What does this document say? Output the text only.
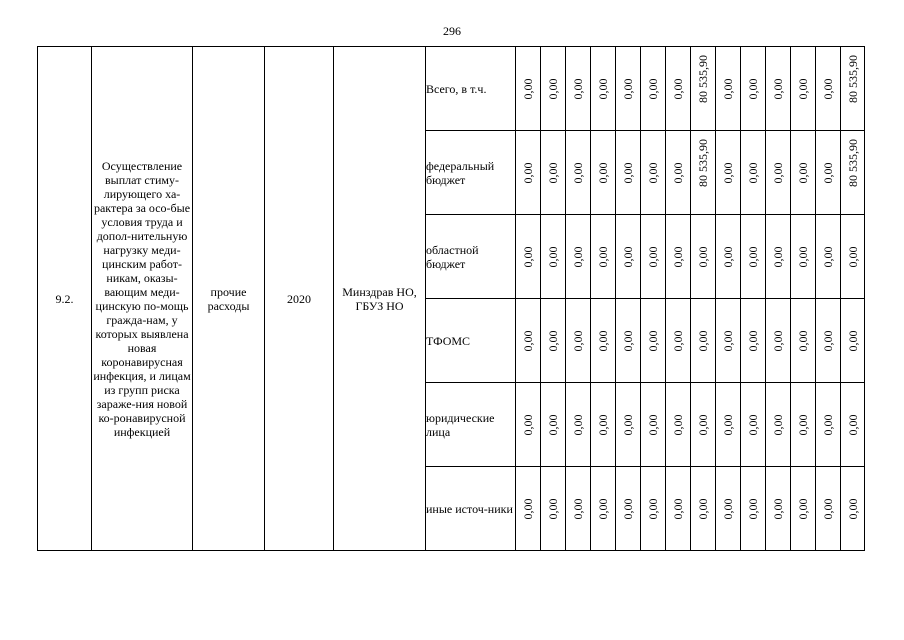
296
9.2.	Осуществление выплат стиму-лирующего ха-рактера за осо-бые условия труда и допол-нительную нагрузку меди-цинским работ-никам, оказы-вающим меди-цинскую по-мощь гражда-нам, у которых выявлена новая коронавирусная инфекция, и лицам из групп риска зараже-ния новой ко-ронавирусной инфекцией	прочие расходы	2020	Минздрав НО, ГБУЗ НО	Всего, в т.ч.	0,00	0,00	0,00	0,00	0,00	0,00	0,00	80 535,90	0,00	0,00	0,00	0,00	0,00	80 535,90

					федеральный бюджет	0,00	0,00	0,00	0,00	0,00	0,00	0,00	80 535,90	0,00	0,00	0,00	0,00	0,00	80 535,90

					областной бюджет	0,00	0,00	0,00	0,00	0,00	0,00	0,00	0,00	0,00	0,00	0,00	0,00	0,00	0,00

					ТФОМС	0,00	0,00	0,00	0,00	0,00	0,00	0,00	0,00	0,00	0,00	0,00	0,00	0,00	0,00

					юридические лица	0,00	0,00	0,00	0,00	0,00	0,00	0,00	0,00	0,00	0,00	0,00	0,00	0,00	0,00

					иные источ-ники	0,00	0,00	0,00	0,00	0,00	0,00	0,00	0,00	0,00	0,00	0,00	0,00	0,00	0,00
